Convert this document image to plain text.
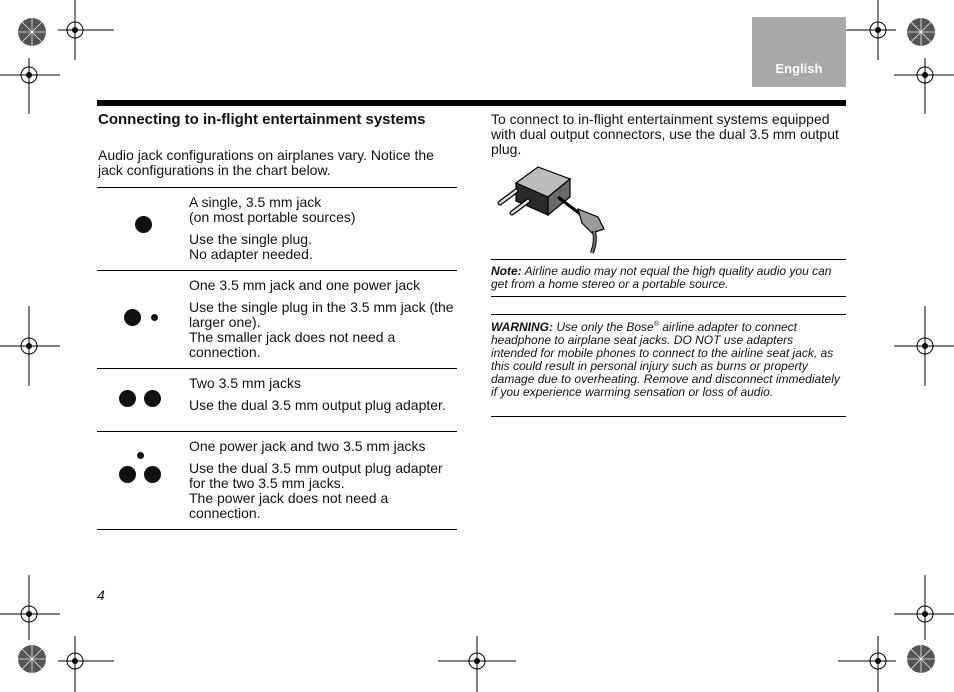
English
Connecting to in-flight entertainment systems
Audio jack configurations on airplanes vary. Notice the jack configurations in the chart below.

	A single, 3.5 mm jack
(on most portable sources)
Use the single plug.
No adapter needed.

	One 3.5 mm jack and one power jack
Use the single plug in the 3.5 mm jack (the larger one).
The smaller jack does not need a connection.

	Two 3.5 mm jacks
Use the dual 3.5 mm output plug adapter.

	One power jack and two 3.5 mm jacks
Use the dual 3.5 mm output plug adapter for the two 3.5 mm jacks.
The power jack does not need a connection.
To connect to in-flight entertainment systems equipped with dual output connectors, use the dual 3.5 mm output plug.
Note: Airline audio may not equal the high quality audio you can get from a home stereo or a portable source.
WARNING: Use only the Bose® airline adapter to connect headphone to airplane seat jacks. DO NOT use adapters intended for mobile phones to connect to the airline seat jack, as this could result in personal injury such as burns or property damage due to overheating. Remove and disconnect immediately if you experience warming sensation or loss of audio.
4
